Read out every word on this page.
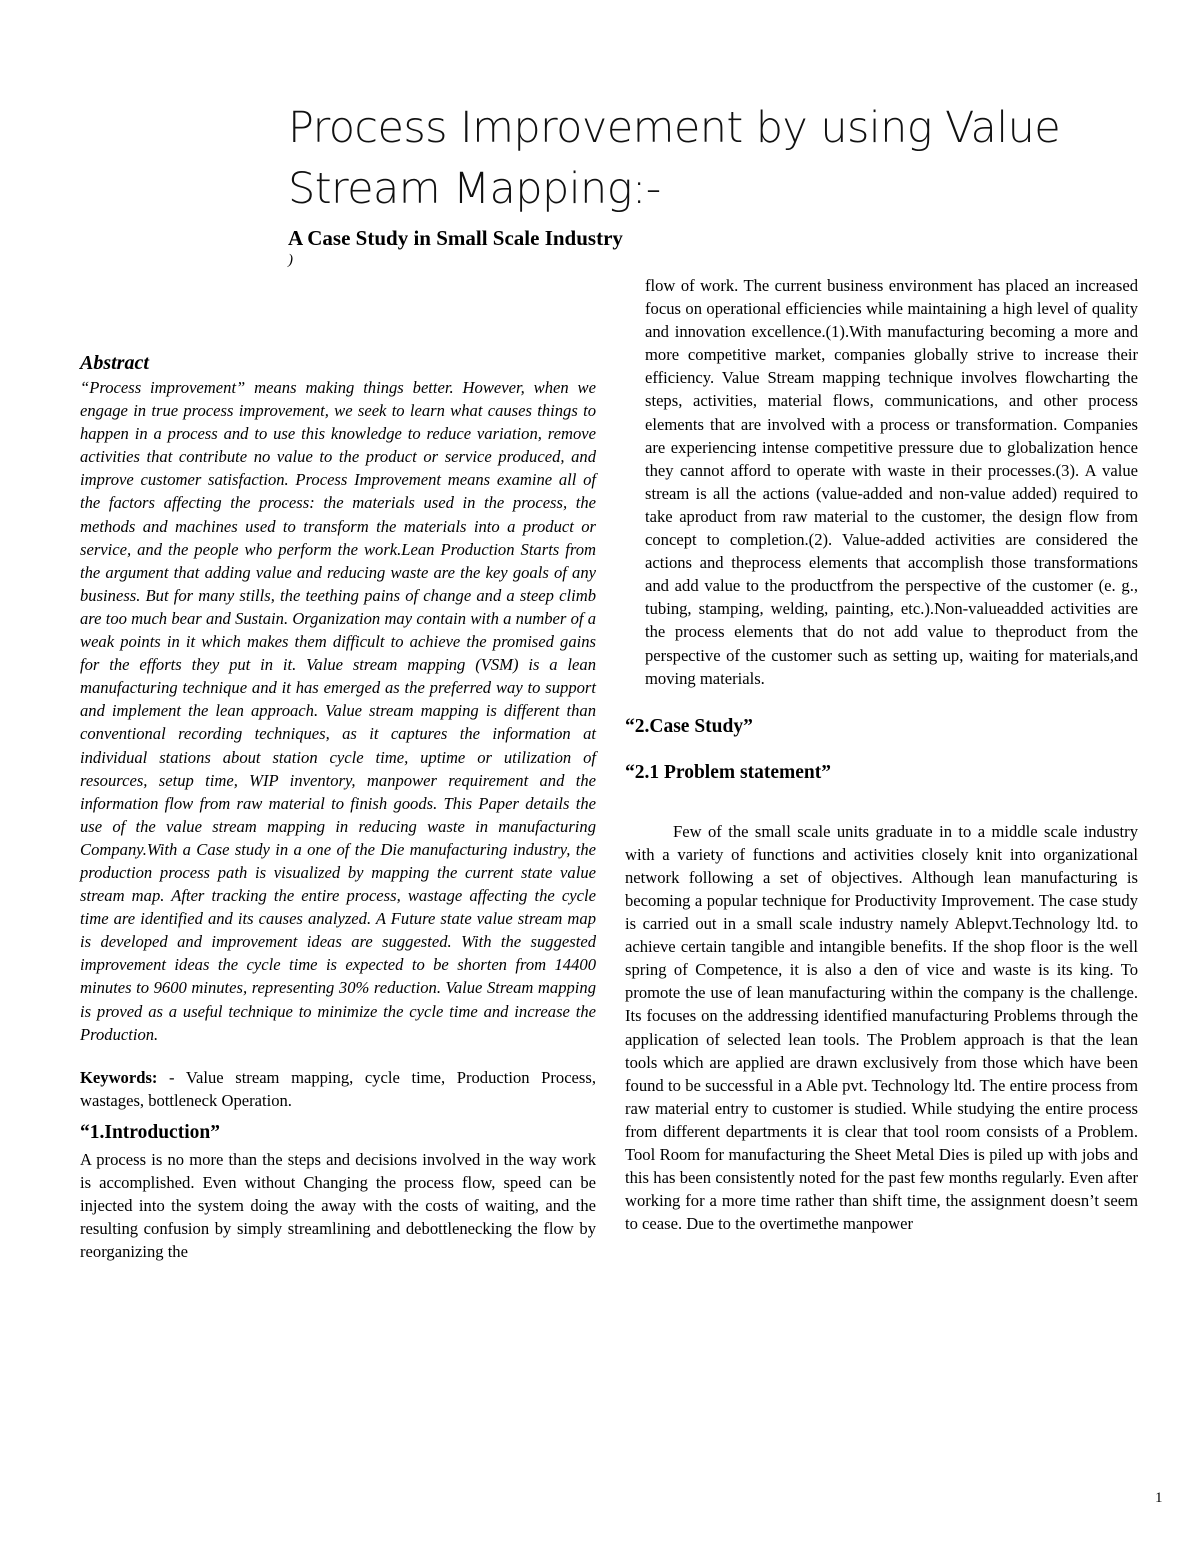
Process Improvement by using Value Stream Mapping:-
A Case Study in Small Scale Industry
)
Abstract

“Process improvement” means making things better. However, when we engage in true process improvement, we seek to learn what causes things to happen in a process and to use this knowledge to reduce variation, remove activities that contribute no value to the product or service produced, and improve customer satisfaction. Process Improvement means examine all of the factors affecting the process: the materials used in the process, the methods and machines used to transform the materials into a product or service, and the people who perform the work.Lean Production Starts from the argument that adding value and reducing waste are the key goals of any business. But for many stills, the teething pains of change and a steep climb are too much bear and Sustain. Organization may contain with a number of a weak points in it which makes them difficult to achieve the promised gains for the efforts they put in it. Value stream mapping (VSM) is a lean manufacturing technique and it has emerged as the preferred way to support and implement the lean approach. Value stream mapping is different than conventional recording techniques, as it captures the information at individual stations about station cycle time, uptime or utilization of resources, setup time, WIP inventory, manpower requirement and the information flow from raw material to finish goods. This Paper details the use of the value stream mapping in reducing waste in manufacturing Company.With a Case study in a one of the Die manufacturing industry, the production process path is visualized by mapping the current state value stream map. After tracking the entire process, wastage affecting the cycle time are identified and its causes analyzed. A Future state value stream map is developed and improvement ideas are suggested. With the suggested improvement ideas the cycle time is expected to be shorten from 14400 minutes to 9600 minutes, representing 30% reduction. Value Stream mapping is proved as a useful technique to minimize the cycle time and increase the Production.

Keywords: - Value stream mapping, cycle time, Production Process, wastages, bottleneck Operation.

“1.Introduction”

A process is no more than the steps and decisions involved in the way work is accomplished. Even without Changing the process flow, speed can be injected into the system doing the away with the costs of waiting, and the resulting confusion by simply streamlining and debottlenecking the flow by reorganizing the

flow of work. The current business environment has placed an increased focus on operational efficiencies while maintaining a high level of quality and innovation excellence.(1).With manufacturing becoming a more and more competitive market, companies globally strive to increase their efficiency. Value Stream mapping technique involves flowcharting the steps, activities, material flows, communications, and other process elements that are involved with a process or transformation. Companies are experiencing intense competitive pressure due to globalization hence they cannot afford to operate with waste in their processes.(3). A value stream is all the actions (value-added and non-value added) required to take aproduct from raw material to the customer, the design flow from concept to completion.(2). Value-added activities are considered the actions and theprocess elements that accomplish those transformations and add value to the productfrom the perspective of the customer (e. g., tubing, stamping, welding, painting, etc.).Non-valueadded activities are the process elements that do not add value to theproduct from the perspective of the customer such as setting up, waiting for materials,and moving materials.

“2.Case Study”
“2.1 Problem statement”

Few of the small scale units graduate in to a middle scale industry with a variety of functions and activities closely knit into organizational network following a set of objectives. Although lean manufacturing is becoming a popular technique for Productivity Improvement. The case study is carried out in a small scale industry namely Ablepvt.Technology ltd. to achieve certain tangible and intangible benefits. If the shop floor is the well spring of Competence, it is also a den of vice and waste is its king. To promote the use of lean manufacturing within the company is the challenge. Its focuses on the addressing identified manufacturing Problems through the application of selected lean tools. The Problem approach is that the lean tools which are applied are drawn exclusively from those which have been found to be successful in a Able pvt. Technology ltd. The entire process from raw material entry to customer is studied. While studying the entire process from different departments it is clear that tool room consists of a Problem. Tool Room for manufacturing the Sheet Metal Dies is piled up with jobs and this has been consistently noted for the past few months regularly. Even after working for a more time rather than shift time, the assignment doesn’t seem to cease. Due to the overtimethe manpower

1
